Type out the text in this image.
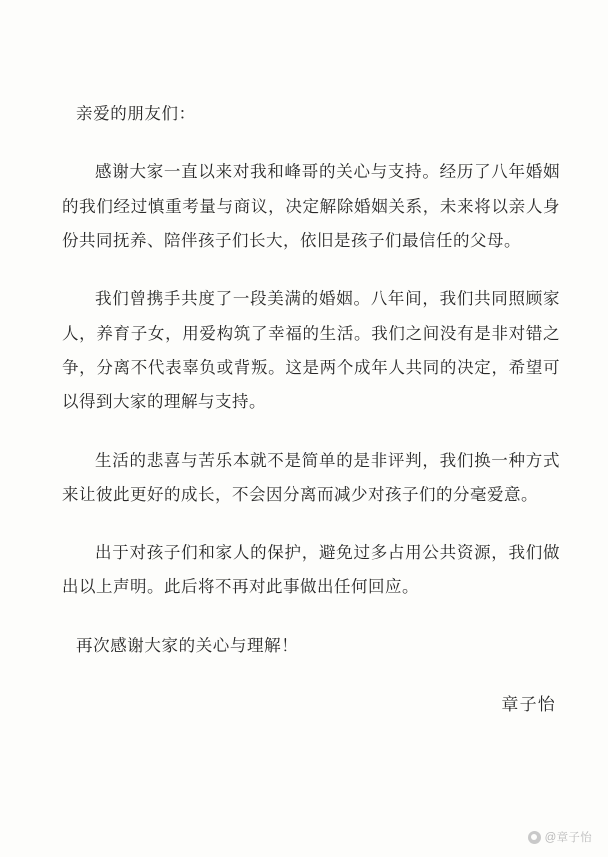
亲爱的朋友们：

感谢大家一直以来对我和峰哥的关心与支持。经历了八年婚姻的我们经过慎重考量与商议，决定解除婚姻关系，未来将以亲人身份共同抚养、陪伴孩子们长大，依旧是孩子们最信任的父母。

我们曾携手共度了一段美满的婚姻。八年间，我们共同照顾家人，养育子女，用爱构筑了幸福的生活。我们之间没有是非对错之争，分离不代表辜负或背叛。这是两个成年人共同的决定，希望可以得到大家的理解与支持。

生活的悲喜与苦乐本就不是简单的是非评判，我们换一种方式来让彼此更好的成长，不会因分离而减少对孩子们的分毫爱意。

出于对孩子们和家人的保护，避免过多占用公共资源，我们做出以上声明。此后将不再对此事做出任何回应。

再次感谢大家的关心与理解！

章子怡
@章子怡
